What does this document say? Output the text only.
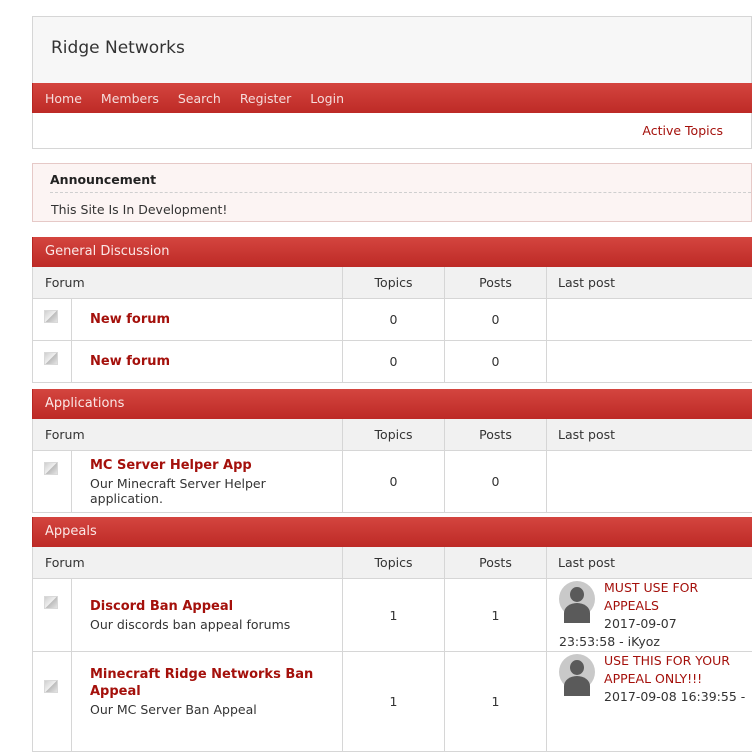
Ridge Networks
Home Members Search Register Login
Active Topics
Announcement

This Site Is In Development!

General Discussion
Forum		Topics	Posts	Last post

	New forum	0	0	

	New forum	0	0	
Applications
Forum		Topics	Posts	Last post

	MC Server Helper App
Our Minecraft Server Helper application.	0	0	
Appeals
Forum		Topics	Posts	Last post

	Discord Ban Appeal
Our discords ban appeal forums	1	1	MUST USE FOR APPEALS
2017-09-07
23:53:58 - iKyoz

	Minecraft Ridge Networks Ban Appeal
Our MC Server Ban Appeal	1	1	USE THIS FOR YOUR APPEAL ONLY!!!
2017-09-08 16:39:55 -
